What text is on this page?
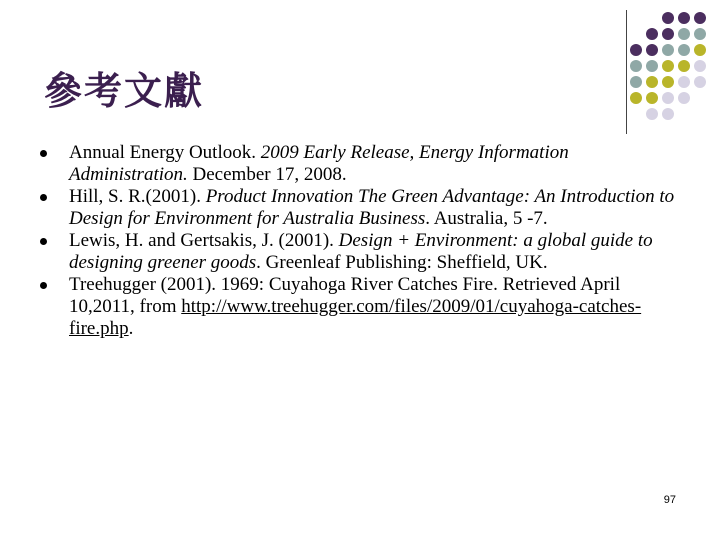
參考文獻
Annual Energy Outlook. 2009 Early Release, Energy Information Administration. December 17, 2008.
Hill, S. R.(2001). Product Innovation The Green Advantage: An Introduction to Design for Environment for Australia Business. Australia, 5 -7.
Lewis, H. and Gertsakis, J. (2001). Design + Environment: a global guide to designing greener goods. Greenleaf Publishing: Sheffield, UK.
Treehugger (2001). 1969: Cuyahoga River Catches Fire. Retrieved April 10,2011, from http://www.treehugger.com/files/2009/01/cuyahoga-catches-fire.php.
97
